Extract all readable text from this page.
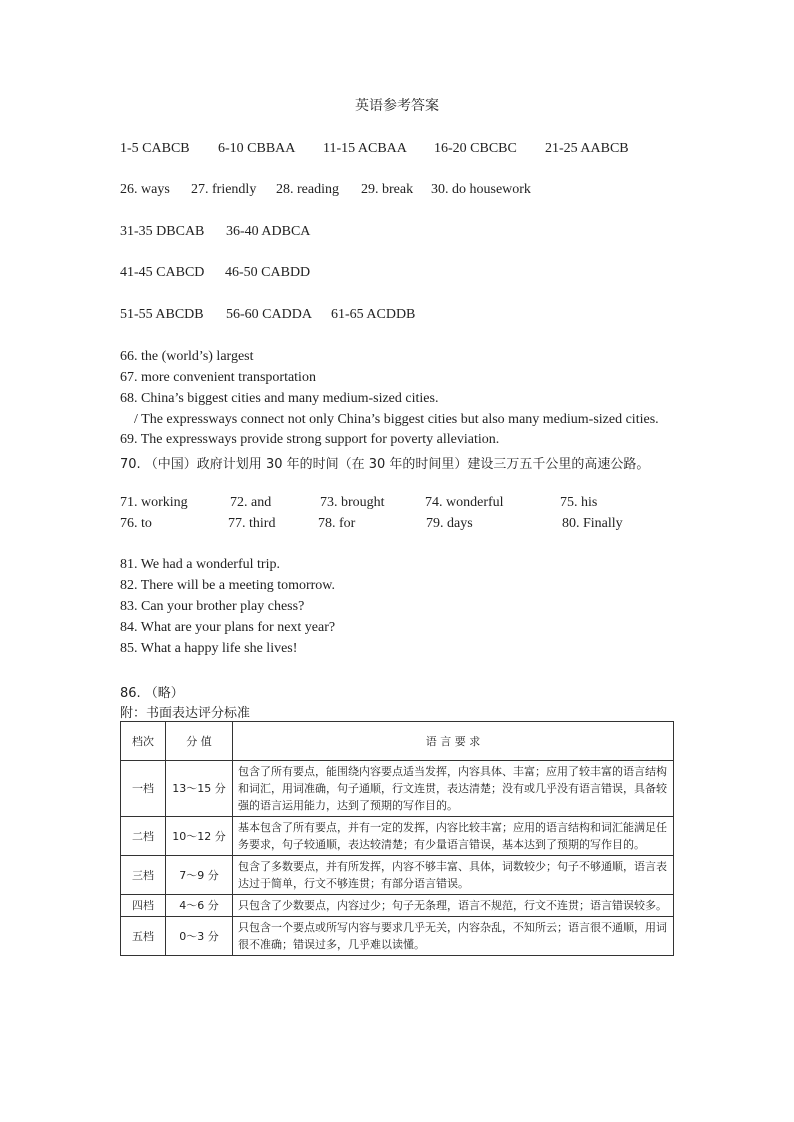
英语参考答案
1-5 CABCB 6-10 CBBAA 11-15 ACBAA 16-20 CBCBC 21-25 AABCB
26. ways 27. friendly 28. reading 29. break 30. do housework
31-35 DBCAB 36-40 ADBCA
41-45 CABCD 46-50 CABDD
51-55 ABCDB 56-60 CADDA 61-65 ACDDB
66. the (world’s) largest
67. more convenient transportation
68. China’s biggest cities and many medium-sized cities.
/ The expressways connect not only China’s biggest cities but also many medium-sized cities.
69. The expressways provide strong support for poverty alleviation.
70. （中国）政府计划用 30 年的时间（在 30 年的时间里）建设三万五千公里的高速公路。
71. working	72. and	73. brought	74. wonderful	75. his
76. to	77. third	78. for	79. days	80. Finally
81. We had a wonderful trip.
82. There will be a meeting tomorrow.
83. Can your brother play chess?
84. What are your plans for next year?
85. What a happy life she lives!
86. （略）
附：书面表达评分标准
档次	分 值	语 言 要 求
一档	13～15 分	包含了所有要点，能围绕内容要点适当发挥，内容具体、丰富；应用了较丰富的语言结构和词汇，用词准确，句子通顺，行文连贯，表达清楚；没有或几乎没有语言错误，具备较强的语言运用能力，达到了预期的写作目的。
二档	10～12 分	基本包含了所有要点，并有一定的发挥，内容比较丰富；应用的语言结构和词汇能满足任务要求，句子较通顺，表达较清楚；有少量语言错误，基本达到了预期的写作目的。
三档	7～9 分	包含了多数要点，并有所发挥，内容不够丰富、具体，词数较少；句子不够通顺，语言表达过于简单，行文不够连贯；有部分语言错误。
四档	4～6 分	只包含了少数要点，内容过少；句子无条理，语言不规范，行文不连贯；语言错误较多。
五档	0～3 分	只包含一个要点或所写内容与要求几乎无关，内容杂乱，不知所云；语言很不通顺，用词很不准确；错误过多，几乎难以读懂。
